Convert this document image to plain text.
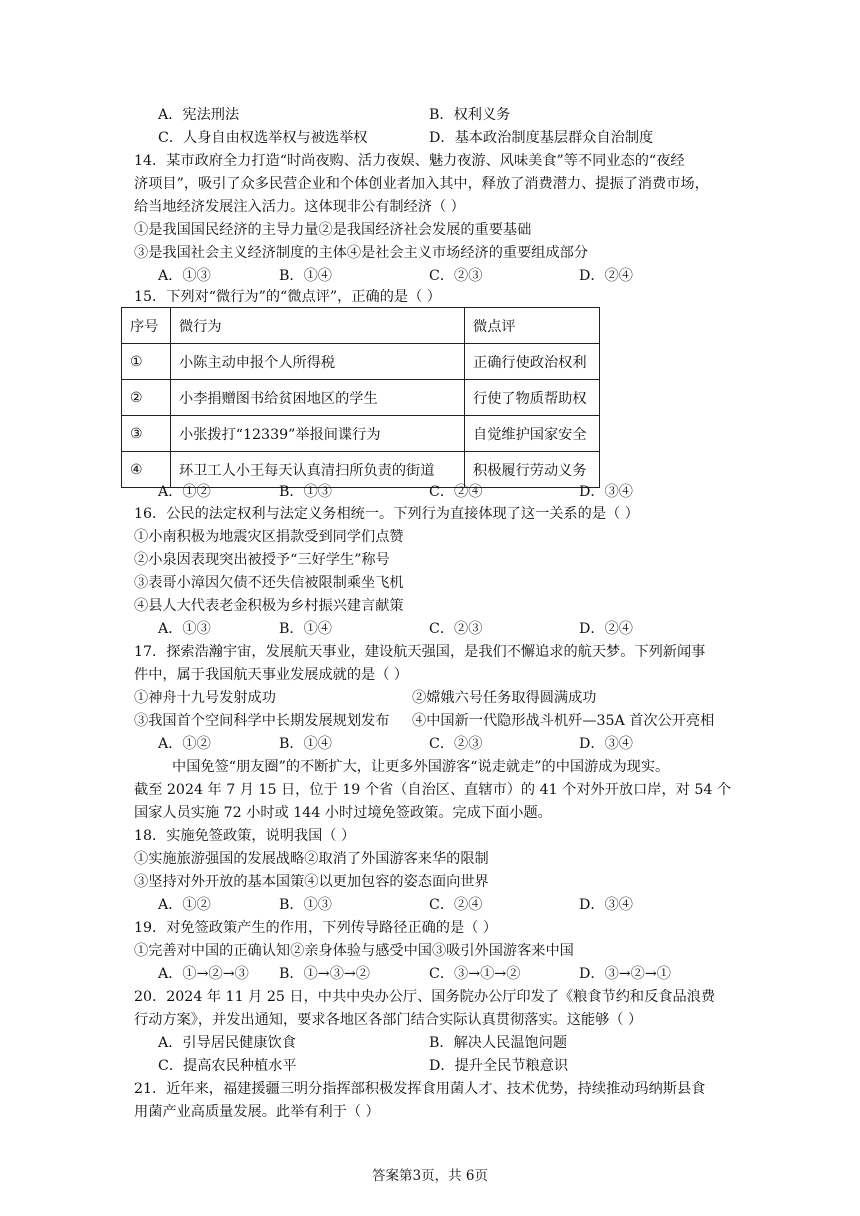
A．宪法刑法	B．权利义务
C．人身自由权选举权与被选举权	D．基本政治制度基层群众自治制度
14．某市政府全力打造“时尚夜购、活力夜娱、魅力夜游、风味美食”等不同业态的“夜经
济项目”，吸引了众多民营企业和个体创业者加入其中，释放了消费潜力、提振了消费市场，
给当地经济发展注入活力。这体现非公有制经济（ ）
①是我国国民经济的主导力量②是我国经济社会发展的重要基础
③是我国社会主义经济制度的主体④是社会主义市场经济的重要组成部分
A．①③	B．①④	C．②③	D．②④
15．下列对“微行为”的“微点评”，正确的是（ ）
序号	微行为	微点评
①	小陈主动申报个人所得税	正确行使政治权利
②	小李捐赠图书给贫困地区的学生	行使了物质帮助权
③	小张拨打“12339”举报间谍行为	自觉维护国家安全
④	环卫工人小王每天认真清扫所负责的街道	积极履行劳动义务
A．①②	B．①③	C．②④	D．③④
16．公民的法定权利与法定义务相统一。下列行为直接体现了这一关系的是（ ）
①小南积极为地震灾区捐款受到同学们点赞
②小泉因表现突出被授予“三好学生”称号
③表哥小漳因欠债不还失信被限制乘坐飞机
④县人大代表老金积极为乡村振兴建言献策
A．①③	B．①④	C．②③	D．②④
17．探索浩瀚宇宙，发展航天事业，建设航天强国，是我们不懈追求的航天梦。下列新闻事
件中，属于我国航天事业发展成就的是（ ）
①神舟十九号发射成功	②嫦娥六号任务取得圆满成功
③我国首个空间科学中长期发展规划发布 ④中国新一代隐形战斗机歼—35A 首次公开亮相
A．①②	B．①④	C．②③	D．③④
中国免签“朋友圈”的不断扩大，让更多外国游客“说走就走”的中国游成为现实。
截至 2024 年 7 月 15 日，位于 19 个省（自治区、直辖市）的 41 个对外开放口岸，对 54 个
国家人员实施 72 小时或 144 小时过境免签政策。完成下面小题。
18．实施免签政策，说明我国（ ）
①实施旅游强国的发展战略②取消了外国游客来华的限制
③坚持对外开放的基本国策④以更加包容的姿态面向世界
A．①②	B．①③	C．②④	D．③④
19．对免签政策产生的作用，下列传导路径正确的是（ ）
①完善对中国的正确认知②亲身体验与感受中国③吸引外国游客来中国
A．①→②→③ B．①→③→②	C．③→①→②	D．③→②→①
20．2024 年 11 月 25 日，中共中央办公厅、国务院办公厅印发了《粮食节约和反食品浪费
行动方案》，并发出通知，要求各地区各部门结合实际认真贯彻落实。这能够（ ）
A．引导居民健康饮食	B．解决人民温饱问题
C．提高农民种植水平	D．提升全民节粮意识
21．近年来，福建援疆三明分指挥部积极发挥食用菌人才、技术优势，持续推动玛纳斯县食
用菌产业高质量发展。此举有利于（ ）
答案第3页，共 6页
